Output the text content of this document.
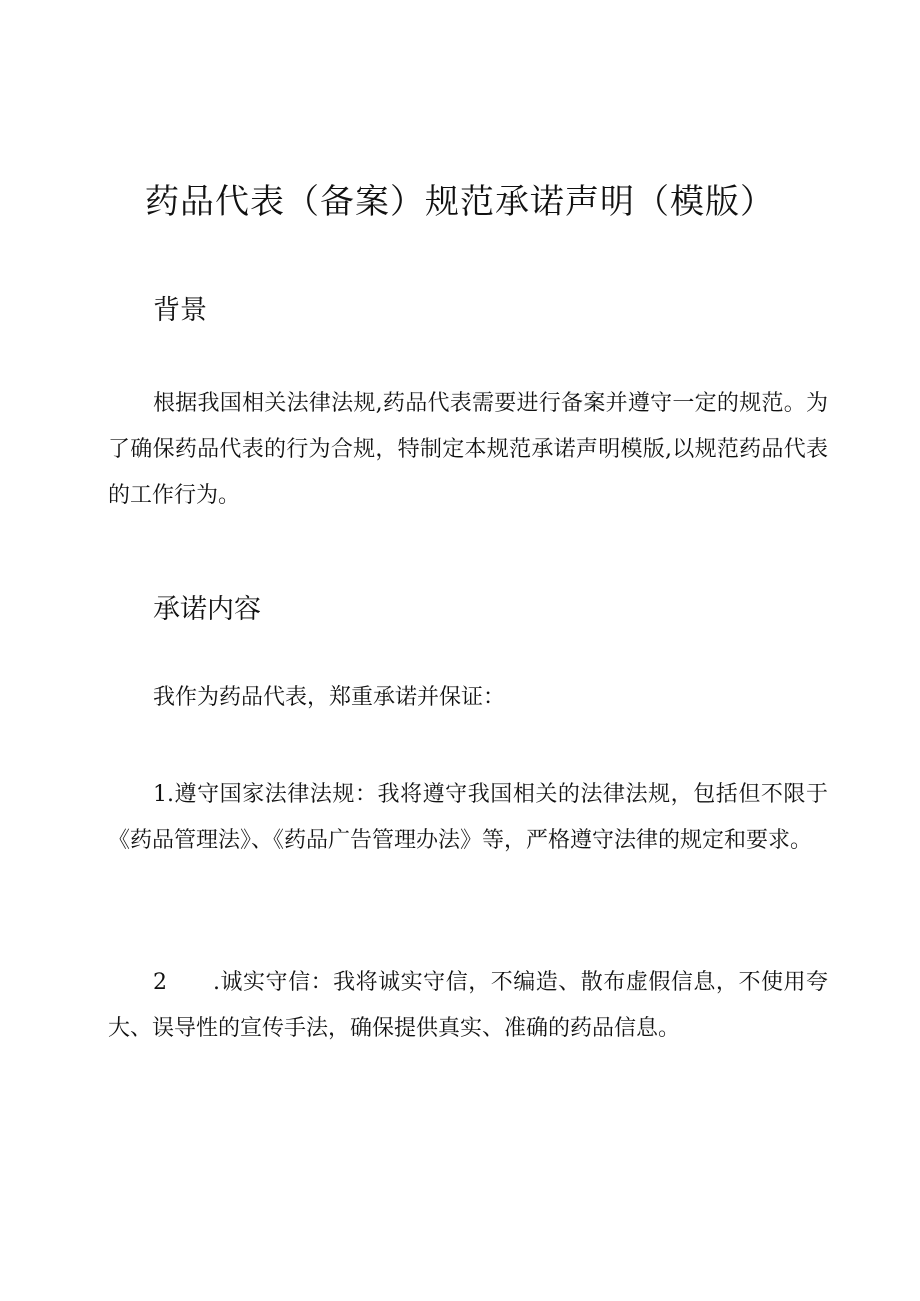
药品代表（备案）规范承诺声明（模版）
背景

根据我国相关法律法规,药品代表需要进行备案并遵守一定的规范。为了确保药品代表的行为合规，特制定本规范承诺声明模版,以规范药品代表的工作行为。

承诺内容

我作为药品代表，郑重承诺并保证：

1.遵守国家法律法规：我将遵守我国相关的法律法规，包括但不限于《药品管理法》、《药品广告管理办法》等，严格遵守法律的规定和要求。

2 .诚实守信：我将诚实守信，不编造、散布虚假信息，不使用夸大、误导性的宣传手法，确保提供真实、准确的药品信息。
